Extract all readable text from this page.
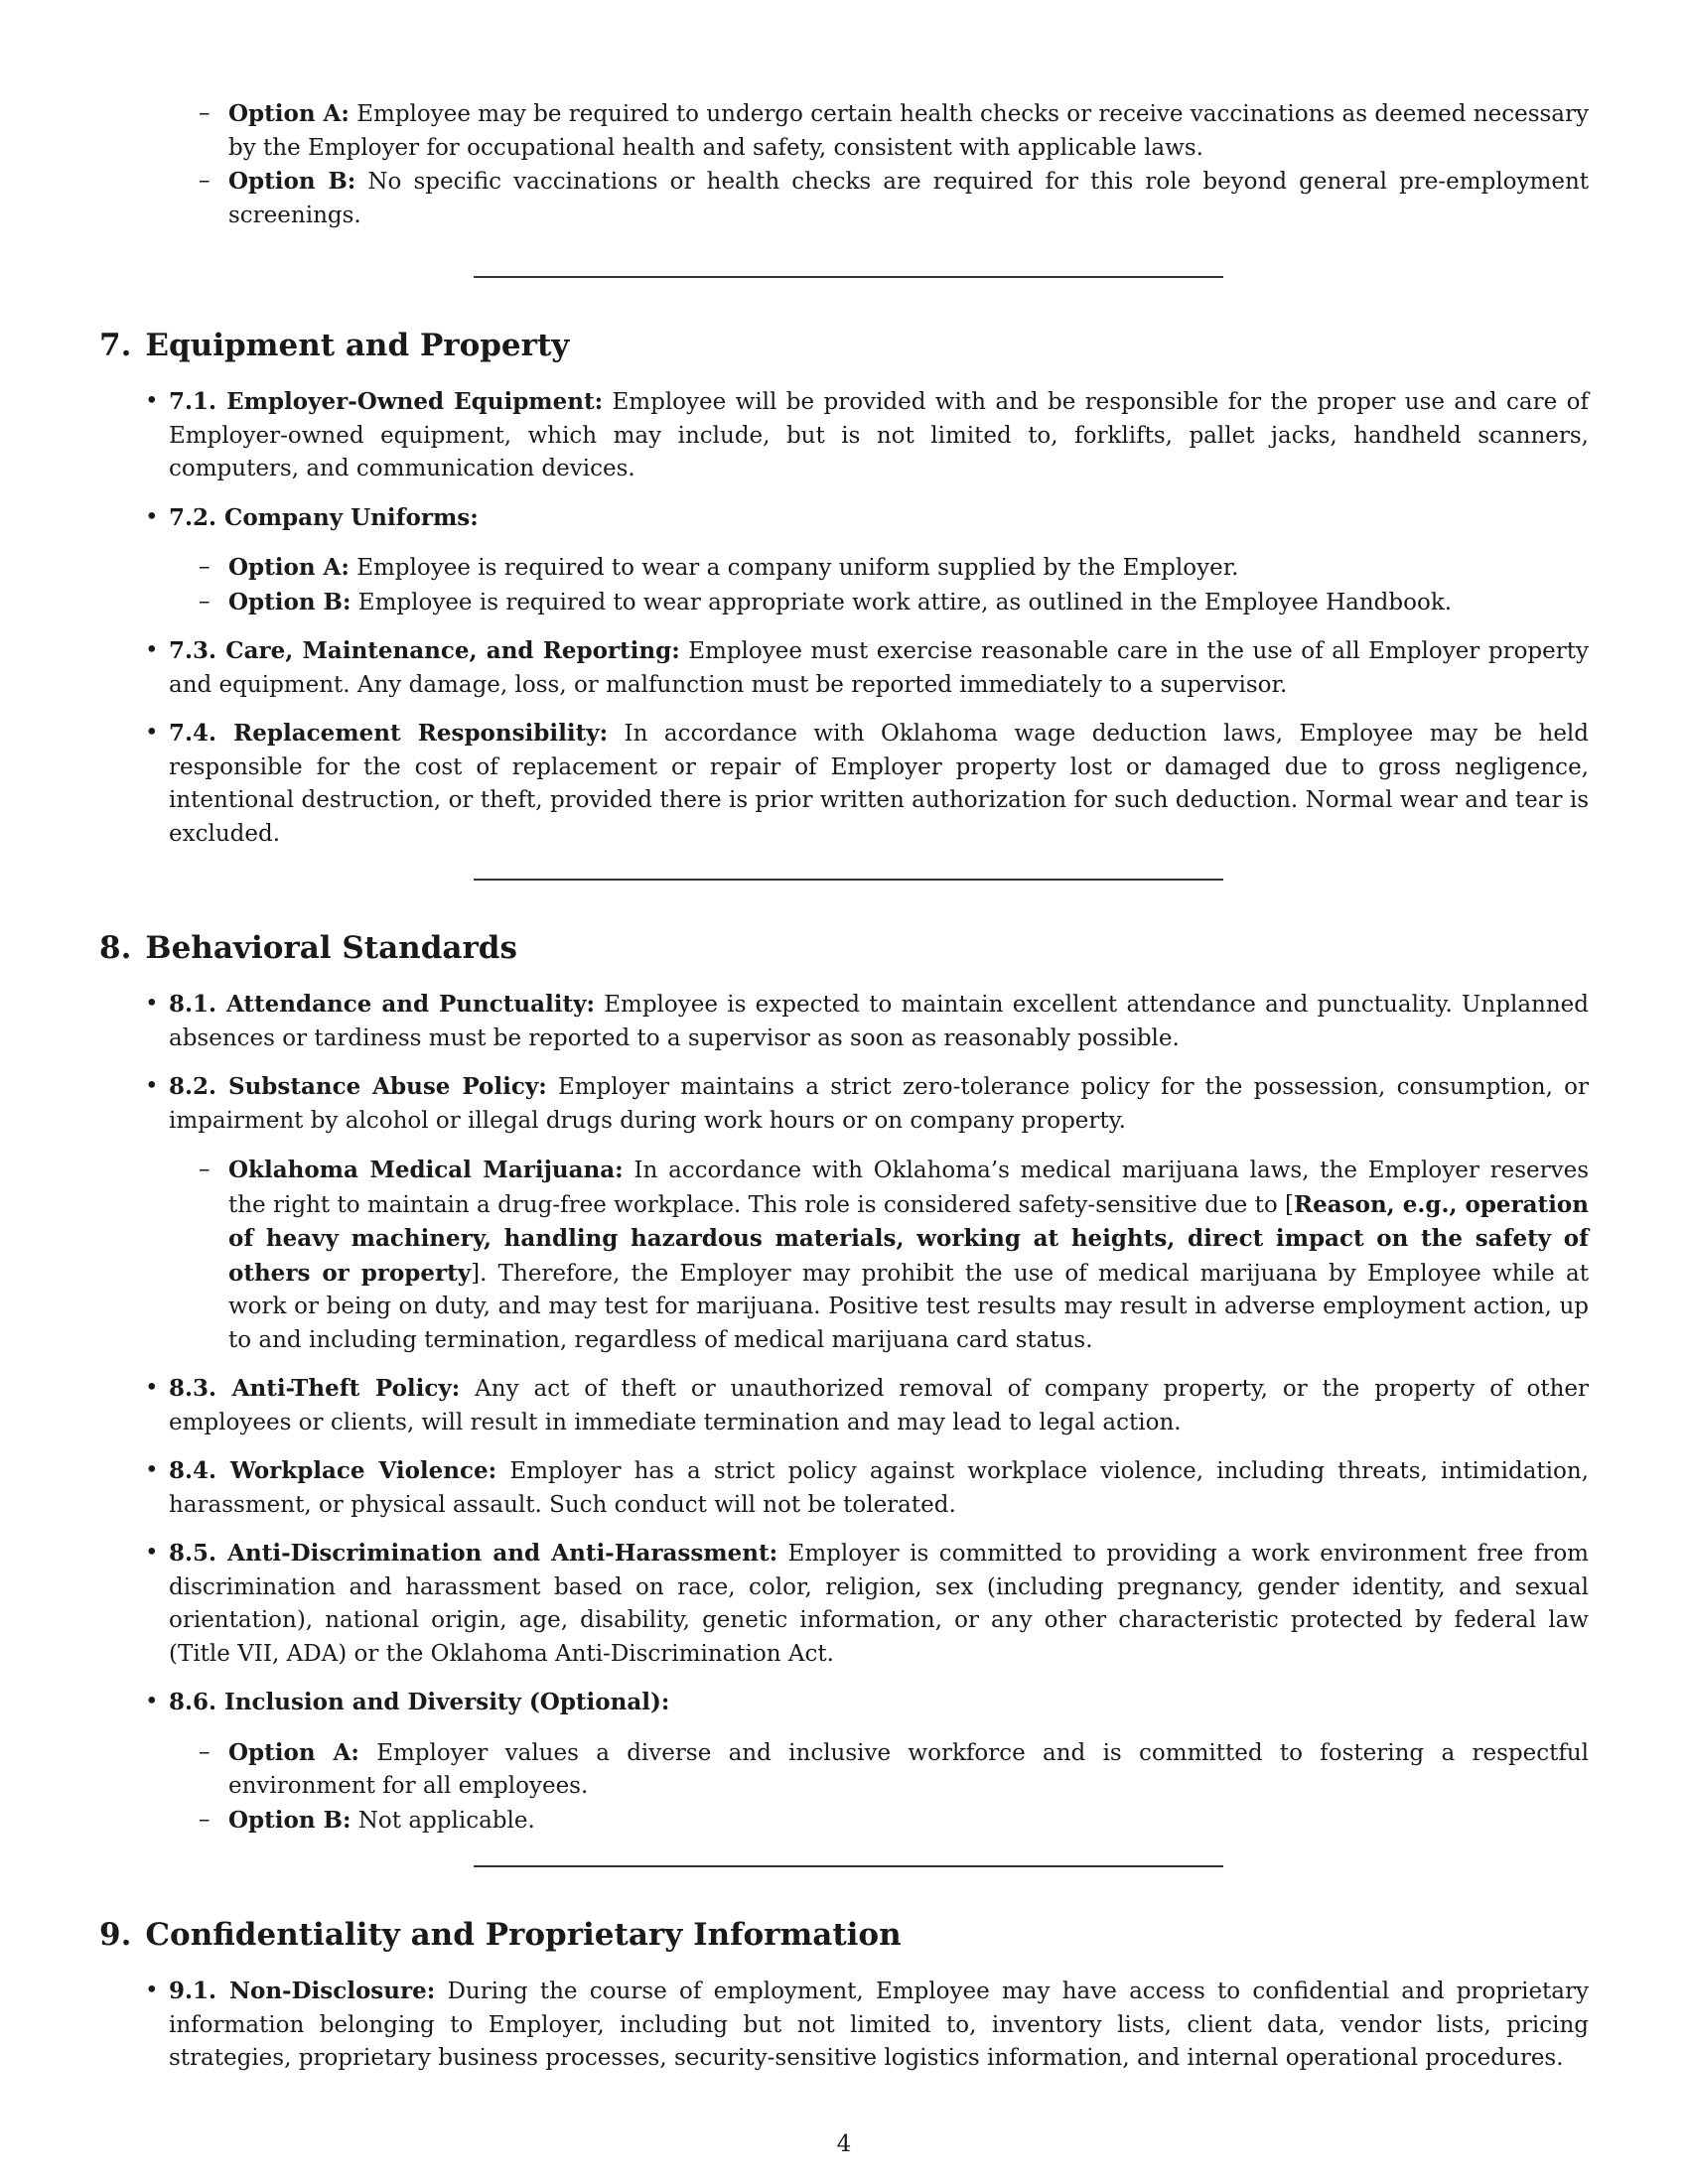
– Option A: Employee may be required to undergo certain health checks or receive vaccinations as deemed necessary by the Employer for occupational health and safety, consistent with applicable laws.
– Option B: No specific vaccinations or health checks are required for this role beyond general pre-employment screenings.
7. Equipment and Property
• 7.1. Employer-Owned Equipment: Employee will be provided with and be responsible for the proper use and care of Employer-owned equipment, which may include, but is not limited to, forklifts, pallet jacks, handheld scanners, computers, and communication devices.
• 7.2. Company Uniforms:
– Option A: Employee is required to wear a company uniform supplied by the Employer.
– Option B: Employee is required to wear appropriate work attire, as outlined in the Employee Handbook.
• 7.3. Care, Maintenance, and Reporting: Employee must exercise reasonable care in the use of all Employer property and equipment. Any damage, loss, or malfunction must be reported immediately to a supervisor.
• 7.4. Replacement Responsibility: In accordance with Oklahoma wage deduction laws, Employee may be held responsible for the cost of replacement or repair of Employer property lost or damaged due to gross negligence, intentional destruction, or theft, provided there is prior written authorization for such deduction. Normal wear and tear is excluded.
8. Behavioral Standards
• 8.1. Attendance and Punctuality: Employee is expected to maintain excellent attendance and punctuality. Unplanned absences or tardiness must be reported to a supervisor as soon as reasonably possible.
• 8.2. Substance Abuse Policy: Employer maintains a strict zero-tolerance policy for the possession, consumption, or impairment by alcohol or illegal drugs during work hours or on company property.
– Oklahoma Medical Marijuana: In accordance with Oklahoma’s medical marijuana laws, the Employer reserves the right to maintain a drug-free workplace. This role is considered safety-sensitive due to [Reason, e.g., operation of heavy machinery, handling hazardous materials, working at heights, direct impact on the safety of others or property]. Therefore, the Employer may prohibit the use of medical marijuana by Employee while at work or being on duty, and may test for marijuana. Positive test results may result in adverse employment action, up to and including termination, regardless of medical marijuana card status.
• 8.3. Anti-Theft Policy: Any act of theft or unauthorized removal of company property, or the property of other employees or clients, will result in immediate termination and may lead to legal action.
• 8.4. Workplace Violence: Employer has a strict policy against workplace violence, including threats, intimidation, harassment, or physical assault. Such conduct will not be tolerated.
• 8.5. Anti-Discrimination and Anti-Harassment: Employer is committed to providing a work environment free from discrimination and harassment based on race, color, religion, sex (including pregnancy, gender identity, and sexual orientation), national origin, age, disability, genetic information, or any other characteristic protected by federal law (Title VII, ADA) or the Oklahoma Anti-Discrimination Act.
• 8.6. Inclusion and Diversity (Optional):
– Option A: Employer values a diverse and inclusive workforce and is committed to fostering a respectful environment for all employees.
– Option B: Not applicable.
9. Confidentiality and Proprietary Information
• 9.1. Non-Disclosure: During the course of employment, Employee may have access to confidential and proprietary information belonging to Employer, including but not limited to, inventory lists, client data, vendor lists, pricing strategies, proprietary business processes, security-sensitive logistics information, and internal operational procedures.
4
